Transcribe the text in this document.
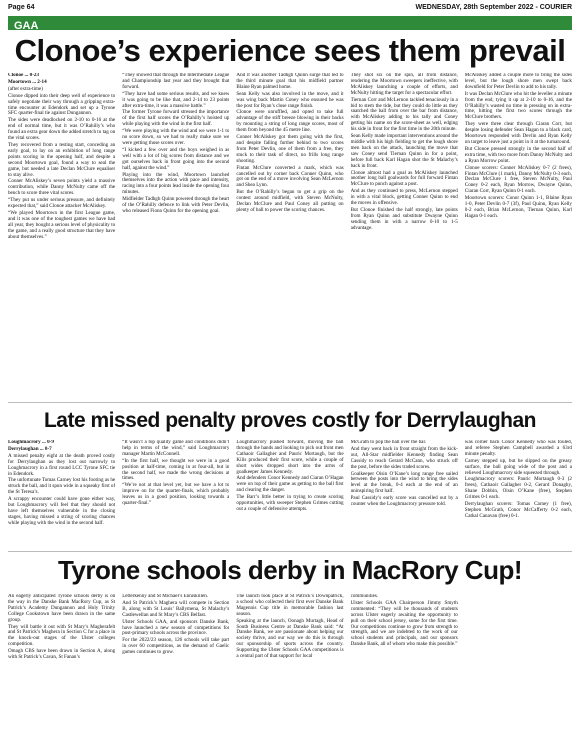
Page 64	WEDNESDAY, 28th September 2022 - COURIER
GAA
Clonoe’s experience sees them prevail

Clonoe ... 0-23

Moortown ... 2-14

(after extra-time)

Clonoe dipped into their deep well of experience to safely negotiate their way through a gripping extra-time encounter at Edendork and set up a Tyrone SFC quarter-final tie against Dungannon.

The sides were deadlocked on 2-10 to 0-16 at the end of normal time, but it was O’Rahilly’s who found an extra gear down the added stretch to tag on the vital scores.

They recovered from a testing start, conceding an early goal, to lay on an exhibition of long range points scoring in the opening half, and despite a second Moortown goal, found a way to seal the game, but needed a late Declan McClure equaliser to stay alive.

Conner McAliskey’s seven points yield a massive contribution, while Danny McNulty came off the bench to score three vital scores.

“They put us under serious pressure, and definitely expected that,” said Clonoe attacker McAliskey.

“We played Moortown in the first League game, and it was one of the toughest games we have had all year, they bought a serious level of physicality to the game, and a really good structure that they have about themselves.”

“They showed that through the Intermediate League and Championship last year and they brought that forward.

“They have had some serious results, and we knew it was going to be like that, and 2-14 to 23 points after extra-time, it was a massive battle.”

The former Tyrone forward stressed the importance of the first half scores the O’Rahilly’s hoisted up while playing with the wind in the first half.

“We were playing with the wind and we were 1-1 to no score down, so we had to really make sure we were getting those scores over.

“I kicked a few over and the boys weighed in as well with a lot of big scores from distance and we got ourselves back in front going into the second half, against the wind.”

Playing into the wind, Moortown launched themselves into the action with pace and intensity, racing into a four points lead inside the opening four minutes.

Midfielder Tadhgh Quinn powered through the heart of the O’Rahilly defence to link with Peter Devlin, who released Fionn Quinn for the opening goal.

And it was another Tadhgh Quinn surge that led to the third minute goal that his midfield partner Blaine Ryan palmed home.

Sean Kelly was also involved in the move, and it was wing back Martin Coney who ensured he was the post for Ryan’s close range finish.

Clonoe were unruffled, and opted to take full advantage of the stiff breeze blowing in their backs by mounting a string of long range scores, most of them from beyond the 45 metre line.

Conner McAliskey got them going with the first, and despite falling further behind to two scores from Peter Devlin, one of them from a free, they stuck to their task of direct, no frills long range shooting.

Fintan McClure converted a mark, which was cancelled out by corner back Conner Quinn, who got on the end of a move involving Sean McLernon and Shea Lynn.

But the O’Rahilly’s began to get a grip on the contest around midfield, with Steven McNulty, Declan McClure and Paul Coney all putting on plenty of ball to power the scoring chances.

They shot six on the spin, all from distance, rendering the Moortown sweepers ineffective, with McAliskey launching a couple of efforts, and McNulty hitting the target for a spectacular effort.

Tiernan Corr and McLernon tackled tenaciously in a bid to stem the tide, but they could do little as they snatched the ball from over the bar from distance, with McAliskey adding to his tally and Coney getting his name on the score-sheet as well, edging his side in front for the first time in the 20th minute.

Sean Kelly made important interventions around the middle with his high fielding to get the lough shore men back on the attack, launching the move that saw Coney send Tiernan Quinn in for a point, before full back Karl Hagan shot the St Malachy’s back in front.

Clonoe almost had a goal as McAliskey launched another long ball goalwards for full forward Fintan McClure to punch against a post.

And as they continued to press, McLernon stepped in with a vital block, getting Conner Quinn to end the moves in offensive.

But Clonoe finished the half strongly, late points from Ryan Quinn and substitute Dwayne Quinn sending them in with a narrow 0-10 to 1-5 advantage.

McAliskey added a couple more to bring the sides level, but the lough shore men swept back downfield for Peter Devlin to add to his tally.

It was Declan McClure who hit the leveller a minute from the end, tying it up at 2-10 to 0-16, and the O’Rahilly’s wasted no time in pressing on in extra-time, hitting the first two scores through the McClure brothers.

They were three clear through Ciaran Corr, but despite losing defender Sean Hagan to a black card, Moortown responded with Devlin and Ryan Kelly on target to leave just a point in it at the turnaround.

But Clonoe pressed strongly in the second half of extra time, with two more from Danny McNulty and a Ryan Morrow point.

Clonoe scorers: Conner McAliskey 0-7 (2 frees), Fintan McClure (1 mark), Danny McNulty 0-3 each, Declan McClure 1 free, Steven McNulty, Paul Coney 0-2 each, Ryan Morrow, Dwayne Quinn, Ciaran Corr, Ryan Quinn 0-1 each.

Moortown scorers: Conor Quinn 1-1, Blaine Ryan 1-0, Peter Devlin 0-7 (3f), Paul Quinn, Ryan Kelly 0-2 each, Brian McLernon, Tiernan Quinn, Karl Hagan 0-1 each.

Late missed penalty proves costly for Derrylaughan

Loughmacrory ... 0-9

Derrylaughan ... 0-7

A missed penalty eight at the death proved costly for Derrylaughan as they lost out narrowly to Loughmacrory in a first round LCC Tyrone SFC tie in Edendork.

The unfortunate Tomas Carney lost his footing as he struck the ball, and it spun wide in a squeaky first of the St Teresa’s.

A scrappy encounter could have gone either way, but Loughmacrory will feel that they should not have left themselves vulnerable in the closing stages, having missed a string of scoring chances while playing with the wind in the second half.

“It wasn’t a top quality game and conditions didn’t help in terms of the wind,” said Loughmacrory manager Martin McConnell.

“In the first half, we thought we were in a good position at half-time, coming in at four-all, but in the second half, we made the wrong decisions at times.

“We’re not at that level yet, but we have a lot to improve on for the quarter-finals, which probably leaves us in a good position, looking towards a quarter-final.”

Loughmacrory pushed forward, moving the ball through the hands and looking to pick out front men Cathaoir Gallagher and Pauric Mortaugh, but the Kilis produced their first score, while a couple of short wides dropped short into the arms of goalkeeper James Kennedy.

And defenders Conor Kennedy and Ciaran O’Hagan were on top of their game as getting to the ball first and clearing the danger.

The Barr’s little better in trying to create scoring opportunities, with sweeper Stephen Grimes cutting out a couple of defensive attempts.

McGrath to pop the ball over the bar.

And they went back in front straight from the kick-out, All-Star midfielder Kennedy finding Sean Cassidy to reach Gerard McCann, who struck off the post, before the sides traded scores.

Goalkeeper Oisin O’Kane’s long range free sailed between the posts into the wind to bring the sides level at the break, 0-4 each at the end of an uninspiring first half.

Paul Cassidy’s early score was cancelled out by a counter when the Loughmacrory pressure told.

was corner back Conor Kennedy who was fouled, and referee Stephen Campbell awarded a 63rd minute penalty.

Carney stepped up, but he slipped on the greasy surface, the ball going wide of the post and a relieved Loughmacrory side squeezed through.

Loughmacrory scorers: Pauric Mortaugh 0-3 (2 frees), Cathaoir Gallagher 0-2, Gerard Donaghy, Shane Dobbin, Oisin O’Kane (free), Stephen Grimes 0-1 each.

Derrylaughan scorers: Tomas Carney (1 free), Stephen McGrath, Conor McCafferty 0-2 each, Cathal Canavan (free) 0-1.

Tyrone schools derby in MacRory Cup!

An eagerly anticipated Tyrone schools derby is on the way in the Danske Bank MacRory Cup, as St Patrick’s Academy Dungannon and Holy Trinity College Cookstown have been drawn in the same group.

They will battle it out with St Mary’s Magherafelt and St Patrick’s Maghera in Section C for a place in the knock-out stages of the Ulster colleges competition.

Omagh CBS have been drawn in Section A, along with St Patrick’s Cavan, St Fanan’s

Letterkenny and St Michael’s Enniskillen.

And St Patrick’s Maghera will compete in Section B, along with St Louis’ Ballymena, St Malachy’s Castlewellan and St Mary’s CBS Belfast.

Ulster Schools GAA, and sponsors Danske Bank, have launched a new season of competitions for post-primary schools across the province.

For the 2022/23 season, 126 schools will take part in over 60 competitions, as the demand of Gaelic games continues to grow.

The launch took place at St Patrick’s Downpatrick, a school who collected their first ever Danske Bank Magennis Cup title in memorable fashion last season.

Speaking at the launch, Oonagh Murtagh, Head of South Business Centre at Danske Bank said: “At Danske Bank, we are passionate about helping our society thrive, and our way we do this is through our sponsorship of sports across the country. Supporting the Ulster Schools GAA competitions is a central part of that support for local

communities.

Ulster Schools GAA Chairperson Jimmy Smyth commented: “They will be thousands of students across Ulster eagerly awaiting the opportunity to pull on their school jersey, some for the first time. Our competitions continue to grow from strength to strength, and we are indebted to the work of our school students and principals, and our sponsors Danske Bank, all of whom who make this possible.”
